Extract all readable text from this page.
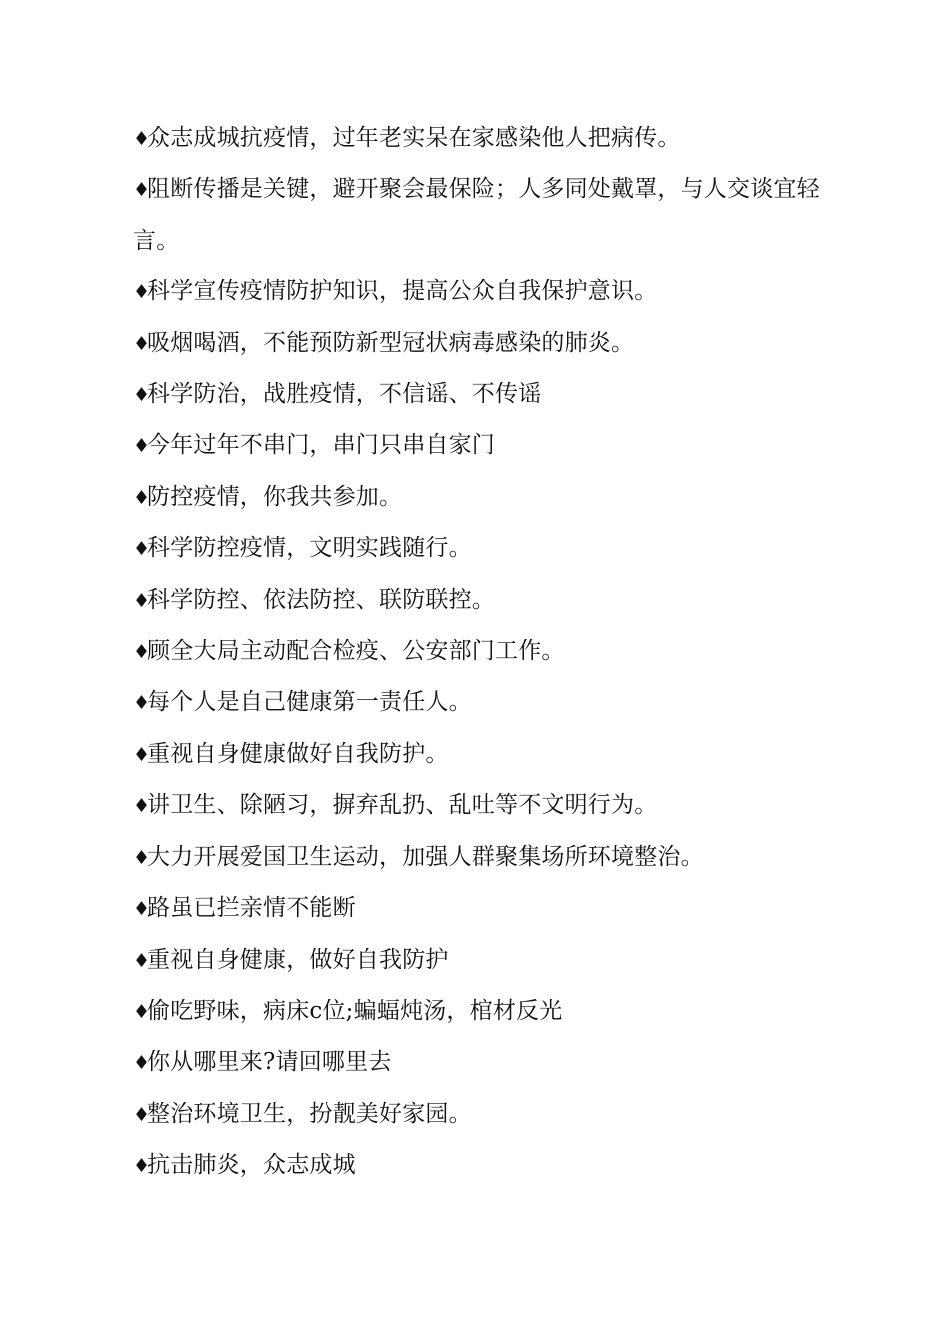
♦众志成城抗疫情，过年老实呆在家感染他人把病传。

♦阻断传播是关键，避开聚会最保险；人多同处戴罩，与人交谈宜轻言。

♦科学宣传疫情防护知识，提高公众自我保护意识。

♦吸烟喝酒，不能预防新型冠状病毒感染的肺炎。

♦科学防治，战胜疫情，不信谣、不传谣

♦今年过年不串门，串门只串自家门

♦防控疫情，你我共参加。

♦科学防控疫情，文明实践随行。

♦科学防控、依法防控、联防联控。

♦顾全大局主动配合检疫、公安部门工作。

♦每个人是自己健康第一责任人。

♦重视自身健康做好自我防护。

♦讲卫生、除陋习，摒弃乱扔、乱吐等不文明行为。

♦大力开展爱国卫生运动，加强人群聚集场所环境整治。

♦路虽已拦亲情不能断

♦重视自身健康，做好自我防护

♦偷吃野味，病床c位;蝙蝠炖汤，棺材反光

♦你从哪里来?请回哪里去

♦整治环境卫生，扮靓美好家园。

♦抗击肺炎，众志成城
